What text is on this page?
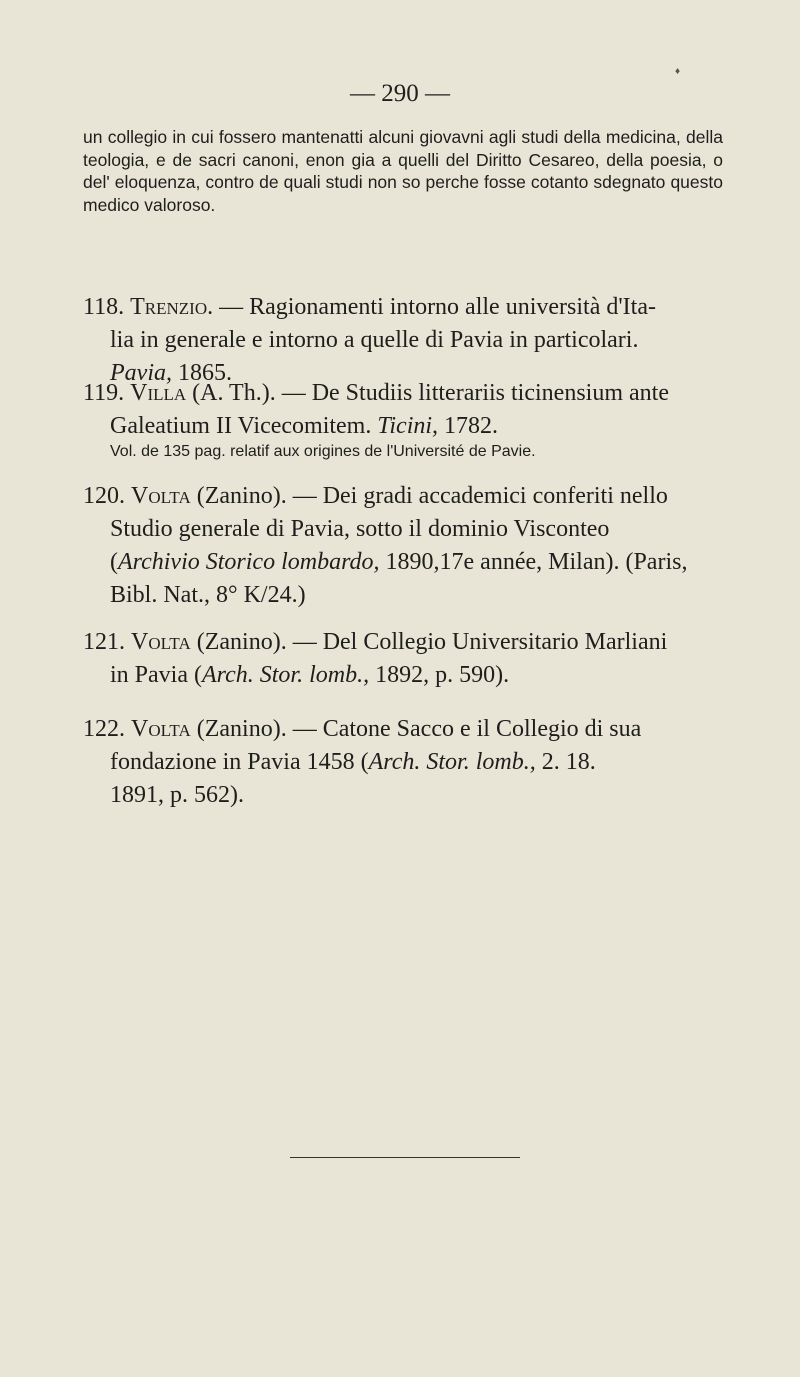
♦
— 290 —

un collegio in cui fossero mantenatti alcuni giovavni agli studi della medicina, della teologia, e de sacri canoni, enon gia a quelli del Diritto Cesareo, della poesia, o del' eloquenza, contro de quali studi non so perche fosse cotanto sdegnato questo medico valoroso.

118. Trenzio. — Ragionamenti intorno alle università d'Ita-
lia in generale e intorno a quelle di Pavia in particolari.
Pavia, 1865.

119. Villa (A. Th.). — De Studiis litterariis ticinensium ante
Galeatium II Vicecomitem. Ticini, 1782.

Vol. de 135 pag. relatif aux origines de l'Université de Pavie.

120. Volta (Zanino). — Dei gradi accademici conferiti nello
Studio generale di Pavia, sotto il dominio Visconteo
(Archivio Storico lombardo, 1890,17e année, Milan). (Paris,
Bibl. Nat., 8° K/24.)

121. Volta (Zanino). — Del Collegio Universitario Marliani
in Pavia (Arch. Stor. lomb., 1892, p. 590).

122. Volta (Zanino). — Catone Sacco e il Collegio di sua
fondazione in Pavia 1458 (Arch. Stor. lomb., 2. 18.
1891, p. 562).
